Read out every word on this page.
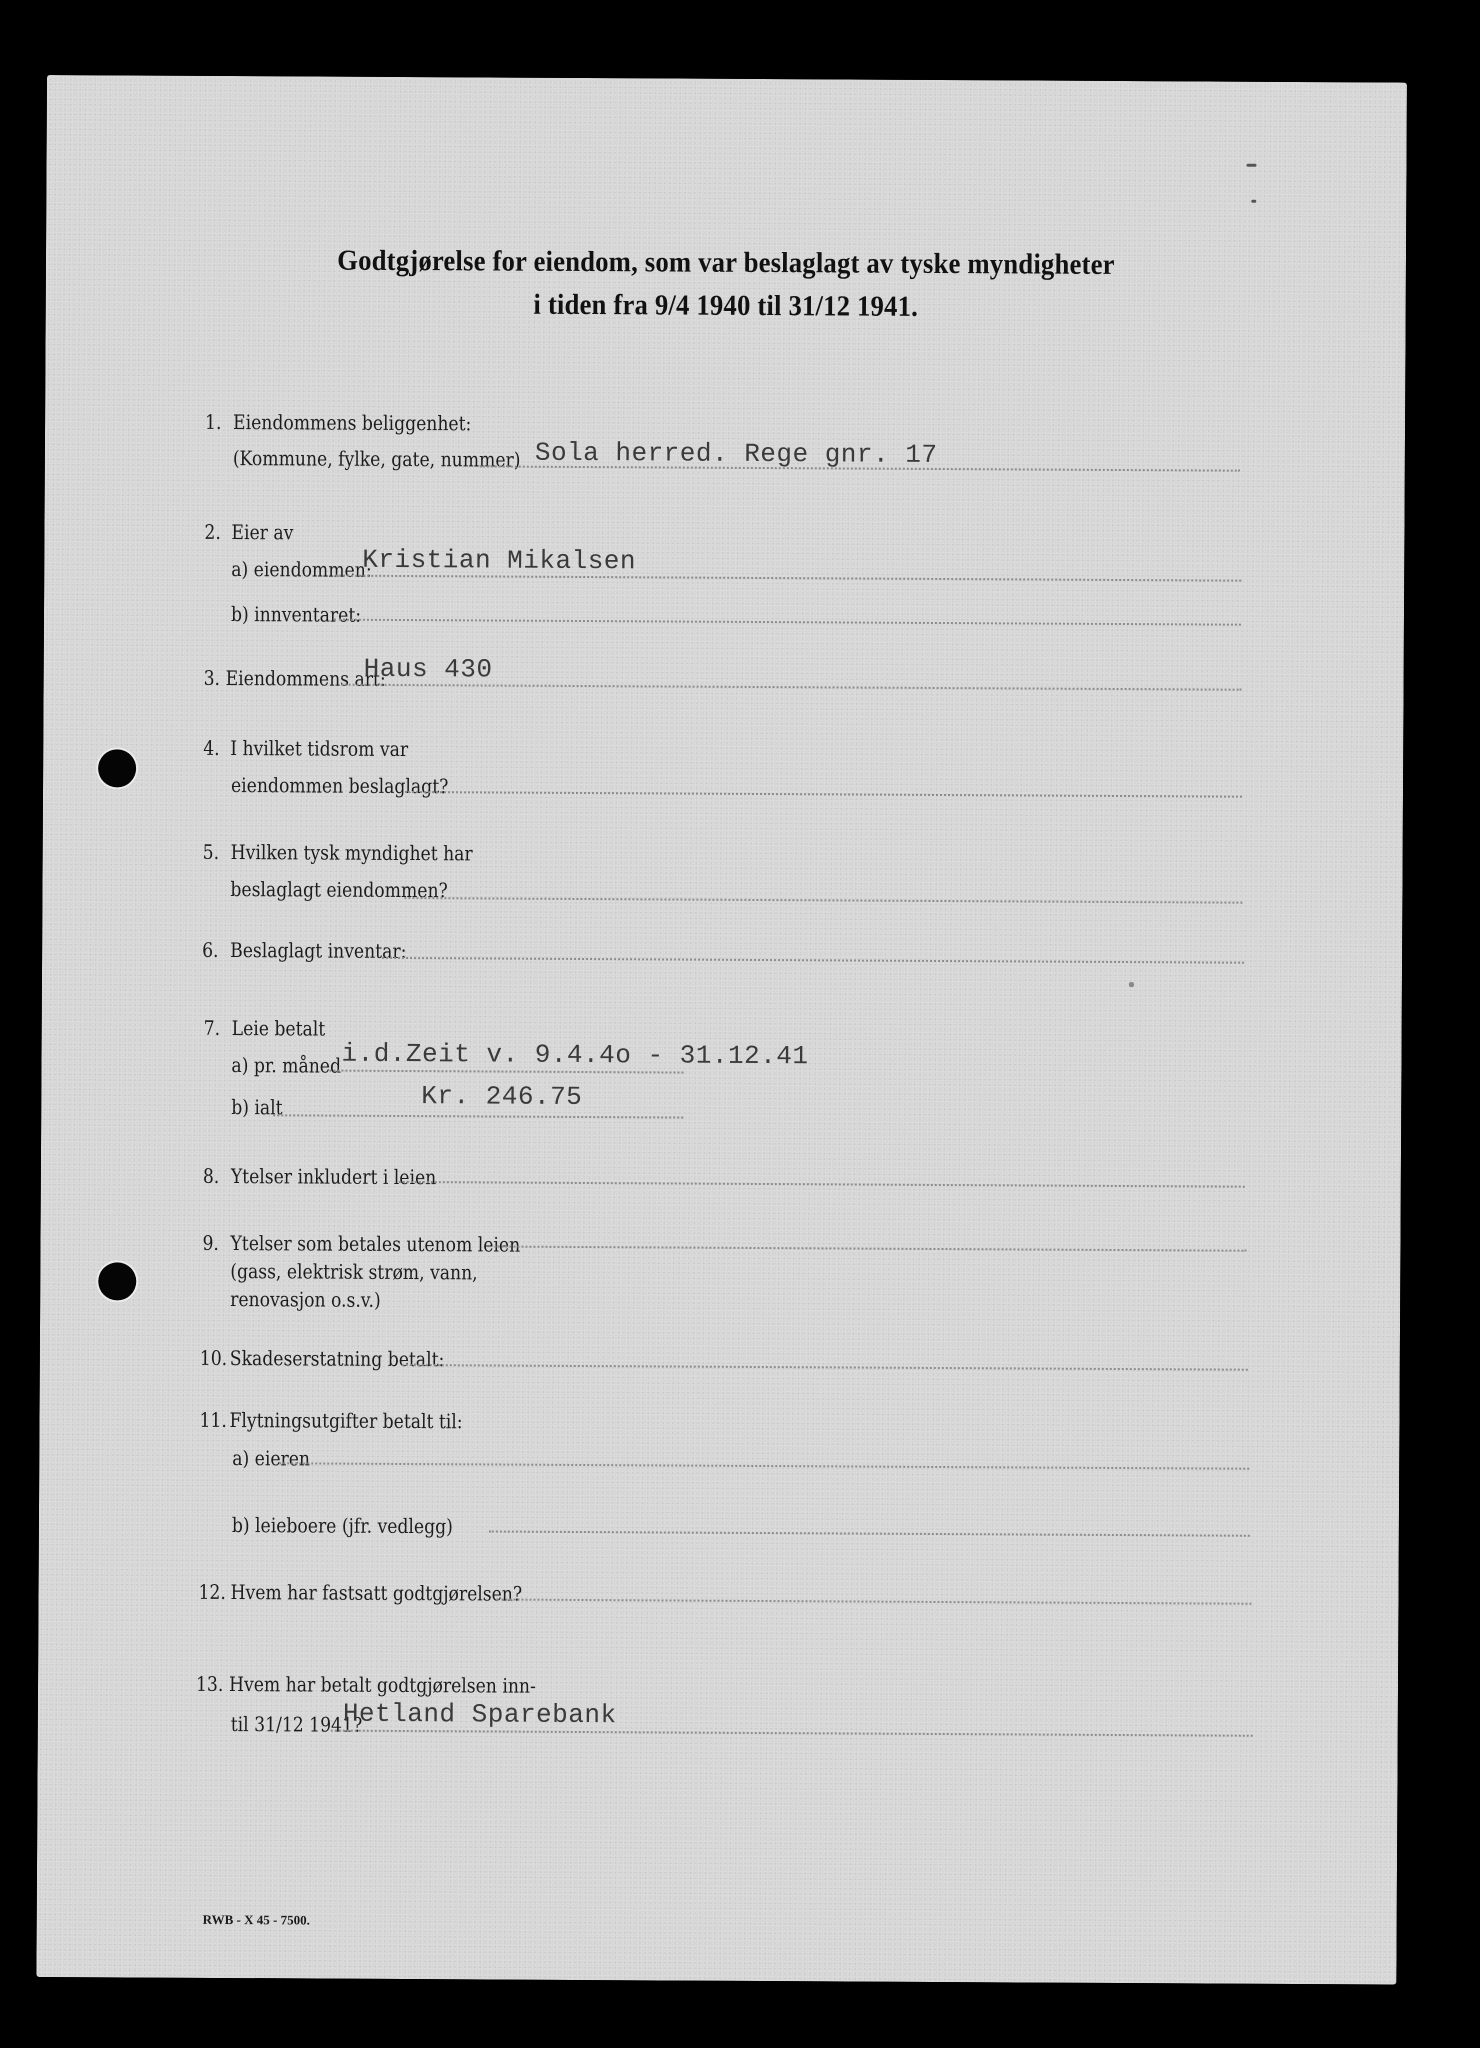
Godtgjørelse for eiendom, som var beslaglagt av tyske myndigheter
i tiden fra 9/4 1940 til 31/12 1941.
1. Eiendommens beliggenhet:
(Kommune, fylke, gate, nummer) Sola herred. Rege gnr. 17
2. Eier av
a) eiendommen:
Kristian Mikalsen
b) innventaret:
3. Eiendommens art:
Haus 430
4. I hvilket tidsrom var
eiendommen beslaglagt?
5. Hvilken tysk myndighet har
beslaglagt eiendommen?
6. Beslaglagt inventar:
7. Leie betalt
a) pr. måned i.d.Zeit v. 9.4.4o - 31.12.41
b) ialt	Kr. 246.75
8. Ytelser inkludert i leien
9. Ytelser som betales utenom leien
(gass, elektrisk strøm, vann,
renovasjon o.s.v.)
10. Skadeserstatning betalt:
11. Flytningsutgifter betalt til:
a) eieren
b) leieboere (jfr. vedlegg)
12. Hvem har fastsatt godtgjørelsen?
13. Hvem har betalt godtgjørelsen inn-
til 31/12 1941?
Hetland Sparebank
RWB - X 45 - 7500.
